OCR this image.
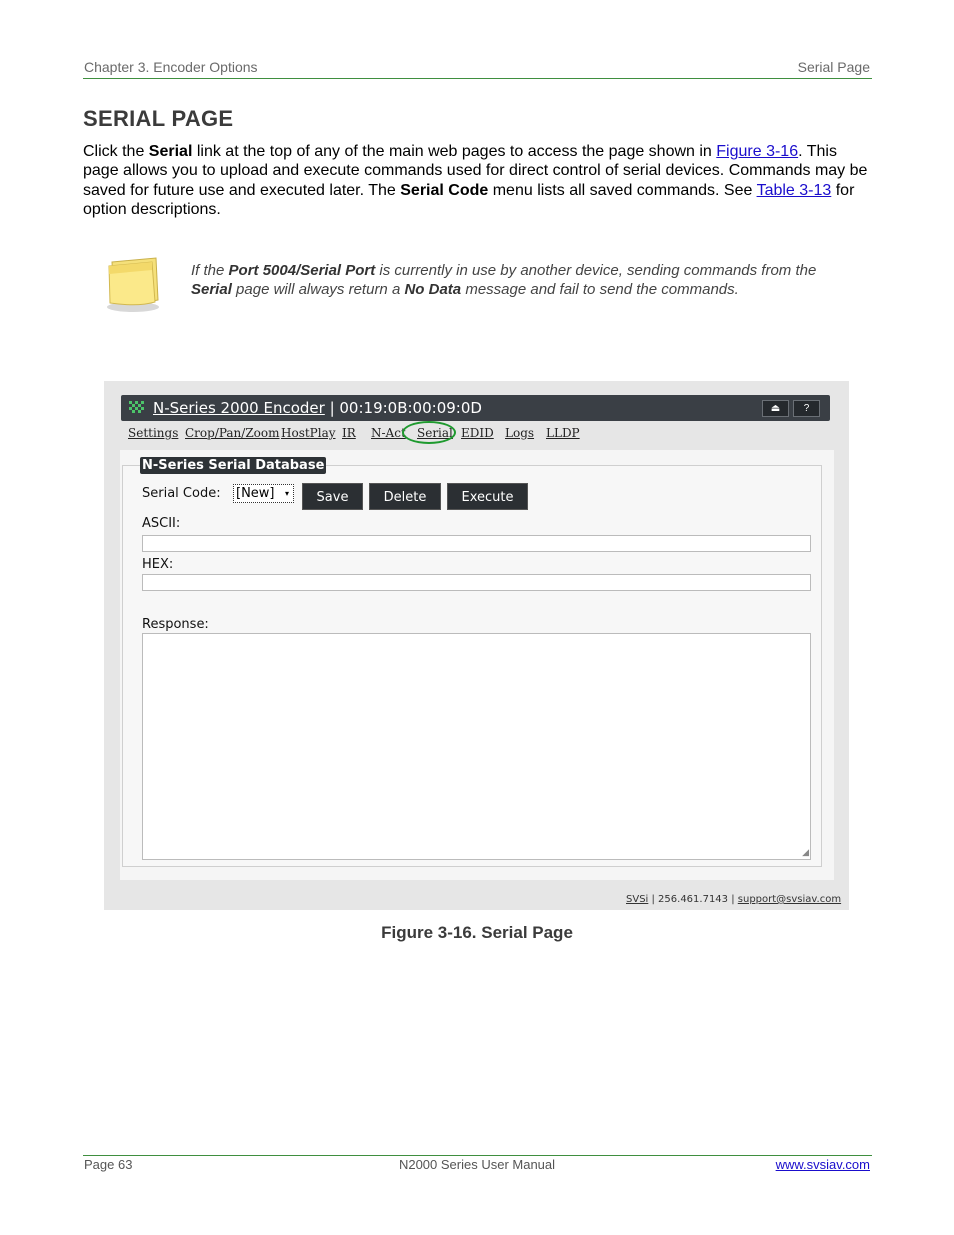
Chapter 3. Encoder Options	Serial Page
SERIAL PAGE
Click the Serial link at the top of any of the main web pages to access the page shown in Figure 3-16. This page allows you to upload and execute commands used for direct control of serial devices. Commands may be saved for future use and executed later. The Serial Code menu lists all saved commands. See Table 3-13 for option descriptions.
If the Port 5004/Serial Port is currently in use by another device, sending commands from the Serial page will always return a No Data message and fail to send the commands.
N-Series 2000 Encoder | 00:19:0B:00:09:0D	⏏	?
Settings Crop/Pan/Zoom HostPlay IR N-Act Serial EDID Logs LLDP
N-Series Serial Database
Serial Code: [New] ▾	Save	Delete	Execute
ASCII:
HEX:
Response:
◢
SVSi | 256.461.7143 | support@svsiav.com
Figure 3-16. Serial Page
Page 63	N2000 Series User Manual	www.svsiav.com
